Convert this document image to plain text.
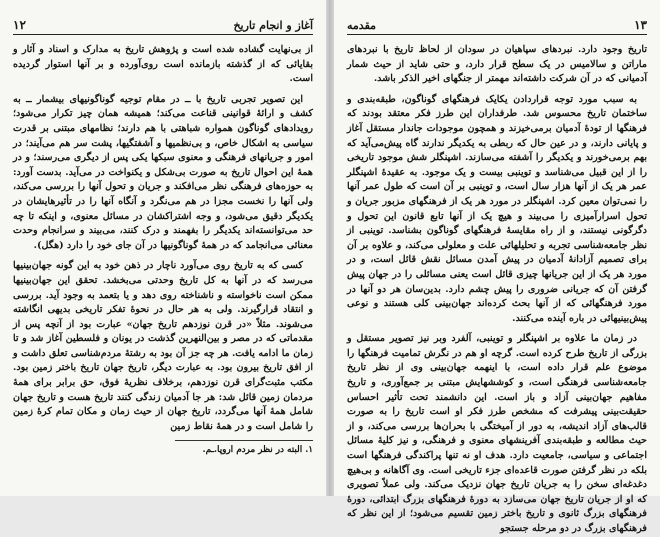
آغاز و انجام تاریخ
۱۲

از بی‌نهایت گشاده شده است و پژوهش تاریخ به مدارک و اسناد و آثار و بقایائی که از گذشته بازمانده است روی‌آورده و بر آنها استوار گردیده است.

این تصویر تجربی تاریخ با ــ در مقام توجیه گوناگونیهای بیشمار ــ به کشف و ارائهٔ قوانینی قناعت می‌کند؛ همیشه همان چیز تکرار می‌شود؛ رویدادهای گوناگون همواره شباهتی با هم دارند؛ نظامهای مبتنی بر قدرت سیاسی به اشکال خاص، و بی‌نظمیها و آشفتگیها، پشت سر هم می‌آیند؛ در امور و جریانهای فرهنگی و معنوی سبکها یکی پس از دیگری می‌رسند؛ و در همهٔ این احوال تاریخ به صورت بی‌شکل و یکنواخت در می‌آید. بدست آورد: به حوزه‌های فرهنگی نظر می‌افکند و جریان و تحول آنها را بررسی می‌کند، ولی آنها را نخست مجزا در هم می‌نگرد و آنگاه آنها را در تأثیرهایشان در یکدیگر دقیق می‌شود، و وجه اشتراکشان در مسائل معنوی، و اینکه تا چه حد می‌توانسته‌اند یکدیگر را بفهمند و درک کنند، می‌بیند و سرانجام وحدت معنائی می‌انجامد که در همهٔ گوناگونیها در آن جای خود را دارد (هگل).

کسی که به تاریخ روی می‌آورد ناچار در ذهن خود به این گونه جهان‌بینیها می‌رسد که در آنها به کل تاریخ وحدتی می‌بخشد. تحقق این جهان‌بینیها ممکن است ناخواسته و ناشناخته روی دهد و یا بتعمد به وجود آید. بررسی و انتقاد قرارگیرند. ولی به هر حال در نحوهٔ تفکر تاریخی بدیهی انگاشته می‌شوند. مثلاً «در قرن نوزدهم تاریخ جهان» عبارت بود از آنچه پس از مقدماتی که در مصر و بین‌النهرین گذشت در یونان و فلسطین آغاز شد و تا زمان ما ادامه یافت. هر چه جز آن بود به رشتهٔ مردم‌شناسی تعلق داشت و از افق تاریخ بیرون بود. به عبارت دیگر، تاریخ جهان تاریخ باختر زمین بود. مکتب مثبت‌گرای قرن نوزدهم، برخلاف نظریهٔ فوق، حق برابر برای همهٔ مردمان زمین قائل شد: هر جا آدمیان زندگی کنند تاریخ هست و تاریخ جهان شامل همهٔ آنها می‌گردد، تاریخ جهان از حیث زمان و مکان تمام کرهٔ زمین را شامل است و در همهٔ نقاط زمین

۱. البته در نظر مردم اروپا.ـم.
۱۳
مقدمه

تاریخ وجود دارد. نبردهای سپاهیان در سودان از لحاظ تاریخ با نبردهای ماراتن و سالامیس در یک سطح قرار دارد، و حتی شاید از حیث شمار آدمیانی که در آن شرکت داشته‌اند مهمتر از جنگهای اخیر الذکر باشد.

به سبب مورد توجه قراردادن یکایک فرهنگهای گوناگون، طبقه‌بندی و ساختمان تاریخ محسوس شد. طرفداران این طرز فکر معتقد بودند که فرهنگها از تودهٔ آدمیان برمی‌خیزند و همچون موجودات جاندار مستقل آغاز و پایانی دارند، و در عین حال که ربطی به یکدیگر ندارند گاه پیش‌می‌آید که بهم برمی‌خورند و یکدیگر را آشفته می‌سازند. اشپنگلر شش موجود تاریخی را از این قبیل می‌شناسد و توینبی بیست و یک موجود. به عقیدهٔ اشپنگلر عمر هر یک از آنها هزار سال است، و توینبی بر آن است که طول عمر آنها را نمی‌توان معین کرد. اشپنگلر در مورد هر یک از فرهنگهای مزبور جریان و تحول اسرارآمیزی را می‌بیند و هیچ یک از آنها تابع قانون این تحول و دگرگونی نیستند، و از راه مقایسهٔ فرهنگهای گوناگون بشناسد. توینبی از نظر جامعه‌شناسی تجربه و تحلیلهائی علت و معلولی می‌کند، و علاوه بر آن برای تصمیم آزادانهٔ آدمیان در پیش آمدن مسائل نقش قائل است، و در مورد هر یک از این جریانها چیزی قائل است یعنی مسائلی را در جهان پیش گرفتن آن که جریانی ضروری را پیش چشم دارد. بدین‌سان هر دو آنها در مورد فرهنگهائی که از آنها بحث کرده‌اند جهان‌بینی کلی هستند و نوعی پیش‌بینیهائی در باره آینده می‌کنند.

در زمان ما علاوه بر اشپنگلر و توینبی، آلفرد وبر نیز تصویر مستقل و بزرگی از تاریخ طرح کرده است. گرچه او هم در نگرش تمامیت فرهنگها را موضوع علم قرار داده است، با اینهمه جهان‌بینی وی از نظر تاریخ جامعه‌شناسی فرهنگی است، و کوششهایش مبتنی بر جمع‌آوری، و تاریخ مفاهیم جهان‌بینی آزاد و باز است. این دانشمند تحت تأثیر احساس حقیقت‌بینی پیشرفت که مشخص طرز فکر او است تاریخ را به صورت قالب‌های آزاد اندیشه، به دور از آمیختگی با بحران‌ها بررسی می‌کند، و از حیث مطالعه و طبقه‌بندی آفرینشهای معنوی و فرهنگی، و نیز کلیهٔ مسائل اجتماعی و سیاسی، جامعیت دارد. هدف او نه تنها پراکندگی فرهنگها است بلکه در نظر گرفتن صورت قاعده‌ای جزء تاریخی است. وی آگاهانه و بی‌هیچ دغدغه‌ای سخن را به جریان تاریخ جهان نزدیک می‌کند. ولی عملاً تصویری که او از جریان تاریخ جهان می‌سازد به دورهٔ فرهنگهای بزرگ ابتدائی، دورهٔ فرهنگهای بزرگ ثانوی و تاریخ باختر زمین تقسیم می‌شود؛ از این نظر که فرهنگهای بزرگ در دو مرحله جستجو
